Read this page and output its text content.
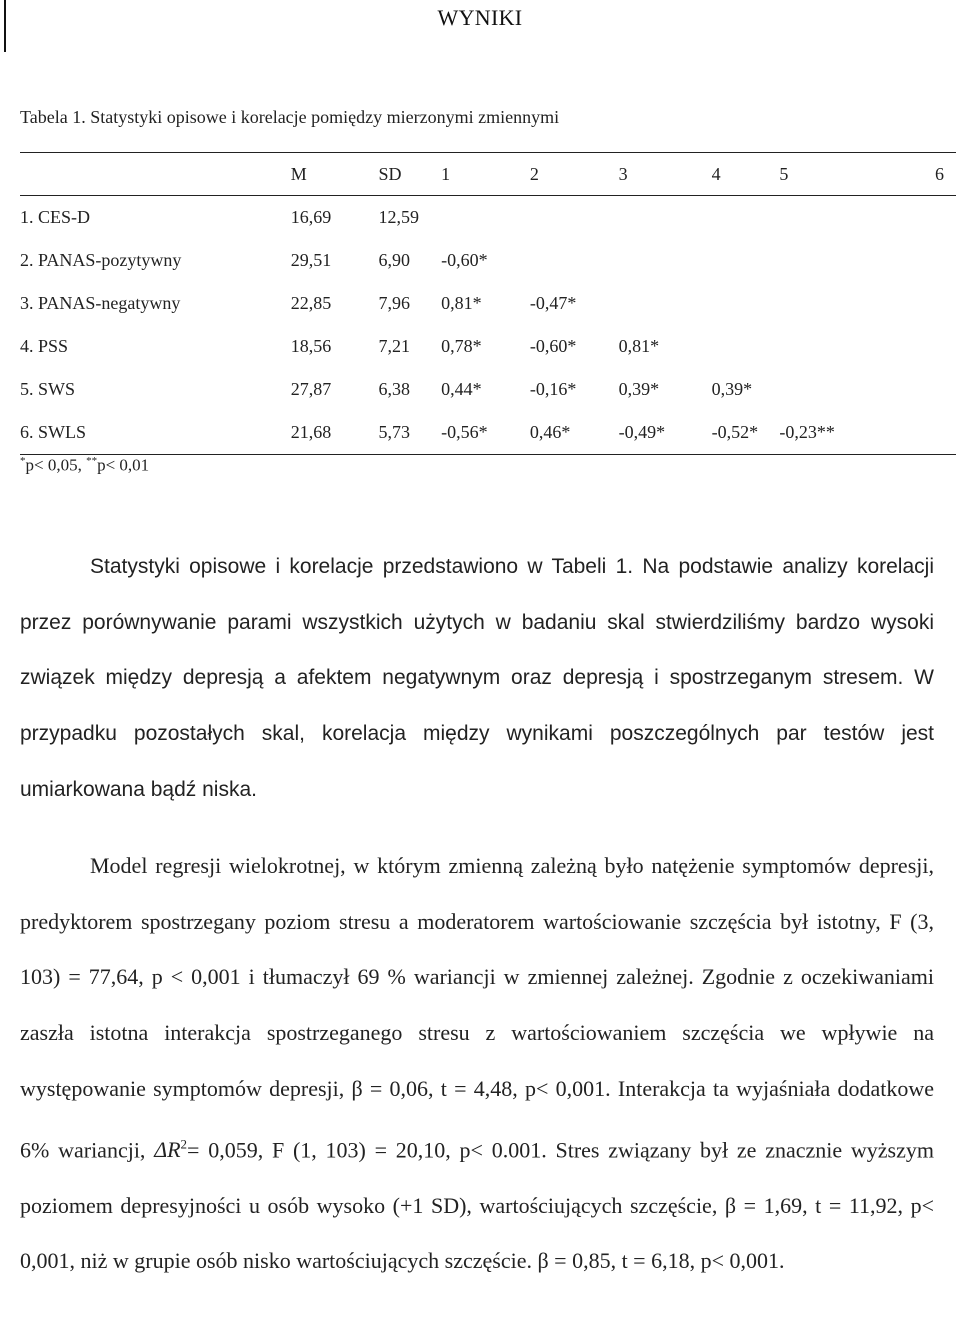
WYNIKI
Tabela 1. Statystyki opisowe i korelacje pomiędzy mierzonymi zmiennymi
	M	SD	1	2	3	4	5	6
1. CES-D	16,69	12,59						
2. PANAS-pozytywny	29,51	6,90	-0,60*					
3. PANAS-negatywny	22,85	7,96	0,81*	-0,47*				
4. PSS	18,56	7,21	0,78*	-0,60*	0,81*			
5. SWS	27,87	6,38	0,44*	-0,16*	0,39*	0,39*		
6. SWLS	21,68	5,73	-0,56*	0,46*	-0,49*	-0,52*	-0,23**	
*p< 0,05, **p< 0,01

Statystyki opisowe i korelacje przedstawiono w Tabeli 1. Na podstawie analizy korelacji przez porównywanie parami wszystkich użytych w badaniu skal stwierdziliśmy bardzo wysoki związek między depresją a afektem negatywnym oraz depresją i spostrzeganym stresem. W przypadku pozostałych skal, korelacja między wynikami poszczególnych par testów jest umiarkowana bądź niska.

Model regresji wielokrotnej, w którym zmienną zależną było natężenie symptomów depresji, predyktorem spostrzegany poziom stresu a moderatorem wartościowanie szczęścia był istotny, F (3, 103) = 77,64, p < 0,001 i tłumaczył 69 % wariancji w zmiennej zależnej. Zgodnie z oczekiwaniami zaszła istotna interakcja spostrzeganego stresu z wartościowaniem szczęścia we wpływie na występowanie symptomów depresji, β = 0,06, t = 4,48, p< 0,001. Interakcja ta wyjaśniała dodatkowe 6% wariancji, $\Delta R^2= 0,059$, F (1, 103) = 20,10, p< 0.001. Stres związany był ze znacznie wyższym poziomem depresyjności u osób wysoko (+1 SD), wartościujących szczęście, β = 1,69, t = 11,92, p< 0,001, niż w grupie osób nisko wartościujących szczęście. β = 0,85, t = 6,18, p< 0,001.
